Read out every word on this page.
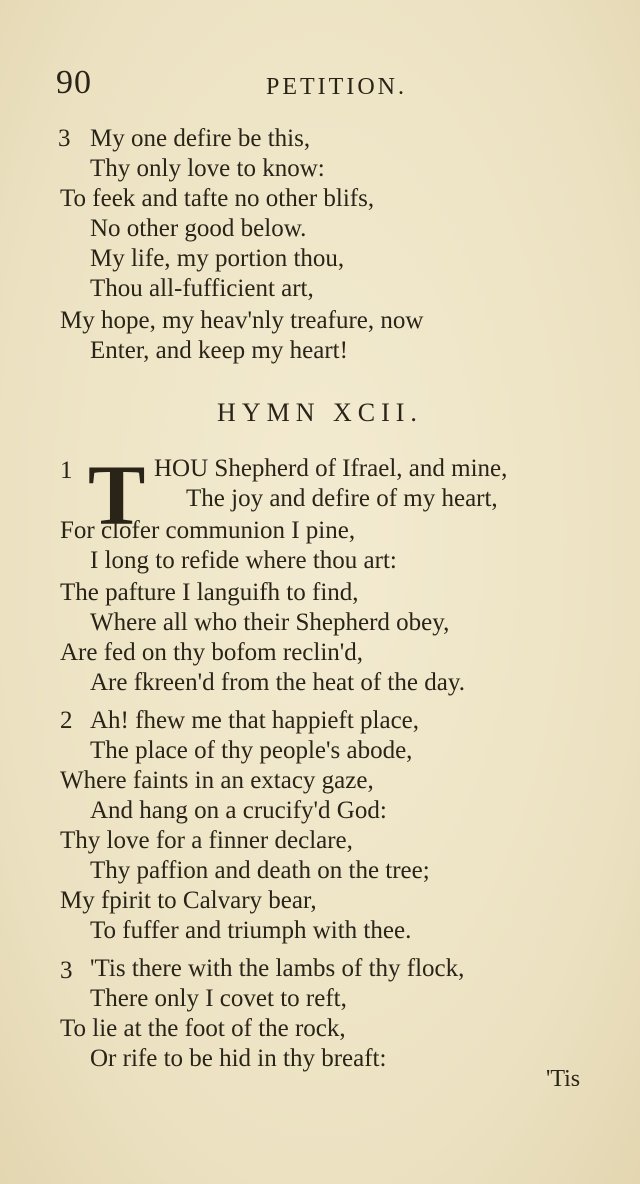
90	PETITION.
3 My one defire be this,
Thy only love to know:
To feek and tafte no other blifs,
No other good below.
My life, my portion thou,
Thou all-fufficient art,
My hope, my heav'nly treafure, now
Enter, and keep my heart!
HYMN XCII.
1 T HOU Shepherd of Ifrael, and mine,
The joy and defire of my heart,
For clofer communion I pine,
I long to refide where thou art:
The pafture I languifh to find,
Where all who their Shepherd obey,
Are fed on thy bofom reclin'd,
Are fkreen'd from the heat of the day.
2 Ah! fhew me that happieft place,
The place of thy people's abode,
Where faints in an extacy gaze,
And hang on a crucify'd God:
Thy love for a finner declare,
Thy paffion and death on the tree;
My fpirit to Calvary bear,
To fuffer and triumph with thee.
3 'Tis there with the lambs of thy flock,
There only I covet to reft,
To lie at the foot of the rock,
Or rife to be hid in thy breaft:
'Tis
